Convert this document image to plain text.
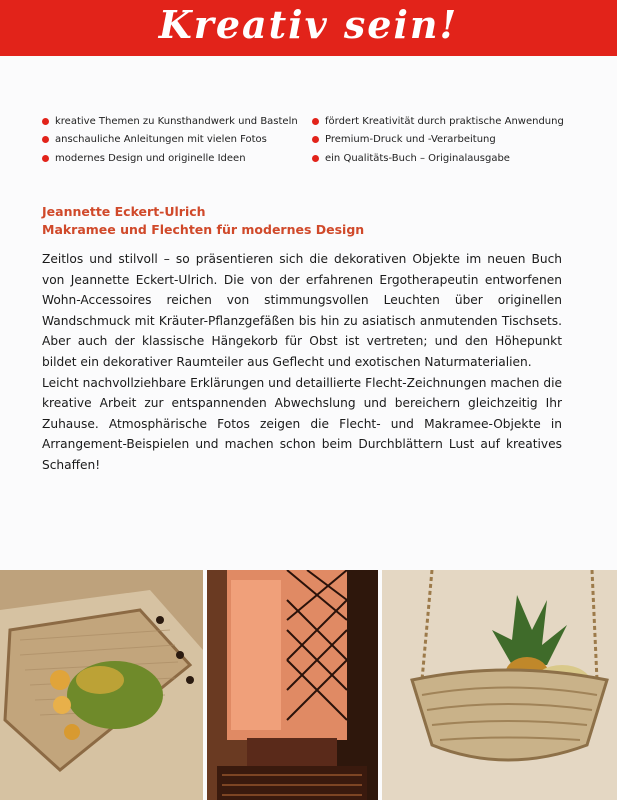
Kreativ sein!
kreative Themen zu Kunsthandwerk und Basteln
anschauliche Anleitungen mit vielen Fotos
modernes Design und originelle Ideen
fördert Kreativität durch praktische Anwendung
Premium-Druck und -Verarbeitung
ein Qualitäts-Buch – Originalausgabe
Jeannette Eckert-Ulrich
Makramee und Flechten für modernes Design

Zeitlos und stilvoll – so präsentieren sich die dekorativen Objekte im neuen Buch von Jeannette Eckert-Ulrich. Die von der erfahrenen Ergotherapeutin entworfenen Wohn-Accessoires reichen von stimmungsvollen Leuchten über originellen Wandschmuck mit Kräuter-Pflanzgefäßen bis hin zu asiatisch anmutenden Tischsets. Aber auch der klassische Hängekorb für Obst ist vertreten; und den Höhepunkt bildet ein dekorativer Raumteiler aus Geflecht und exotischen Naturmaterialien.

Leicht nachvollziehbare Erklärungen und detaillierte Flecht-Zeichnungen machen die kreative Arbeit zur entspannenden Abwechslung und bereichern gleichzeitig Ihr Zuhause. Atmosphärische Fotos zeigen die Flecht- und Makramee-Objekte in Arrangement-Beispielen und machen schon beim Durchblättern Lust auf kreatives Schaffen!
